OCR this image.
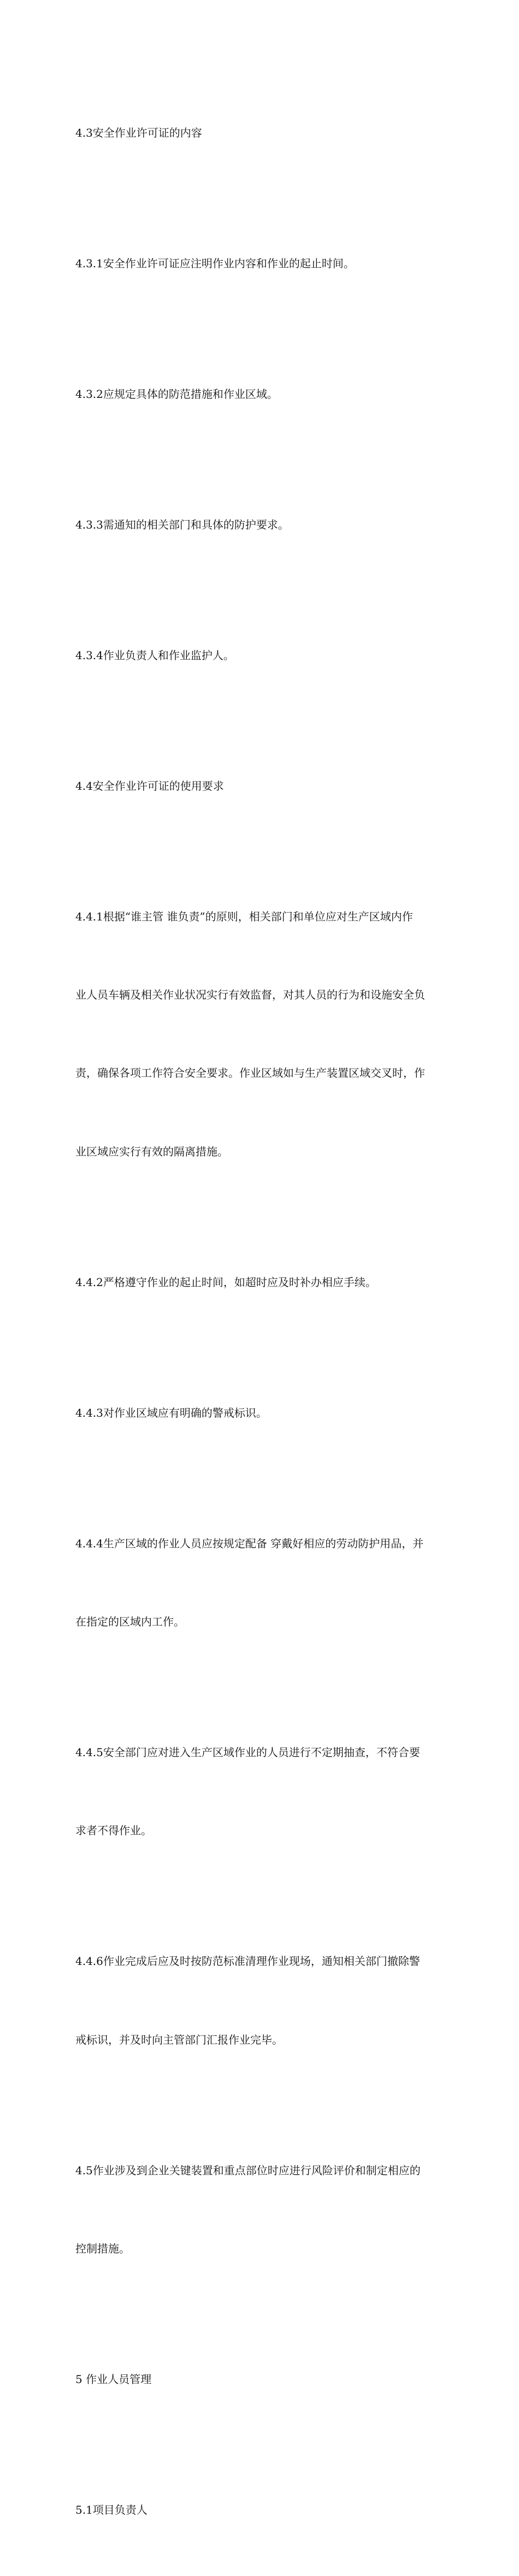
4.3安全作业许可证的内容

4.3.1安全作业许可证应注明作业内容和作业的起止时间。

4.3.2应规定具体的防范措施和作业区域。

4.3.3需通知的相关部门和具体的防护要求。

4.3.4作业负责人和作业监护人。

4.4安全作业许可证的使用要求

4.4.1根据“谁主管 谁负责”的原则，相关部门和单位应对生产区域内作

业人员车辆及相关作业状况实行有效监督，对其人员的行为和设施安全负

责，确保各项工作符合安全要求。作业区域如与生产装置区域交叉时，作

业区域应实行有效的隔离措施。

4.4.2严格遵守作业的起止时间，如超时应及时补办相应手续。

4.4.3对作业区域应有明确的警戒标识。

4.4.4生产区域的作业人员应按规定配备 穿戴好相应的劳动防护用品，并

在指定的区域内工作。

4.4.5安全部门应对进入生产区域作业的人员进行不定期抽查，不符合要

求者不得作业。

4.4.6作业完成后应及时按防范标准清理作业现场，通知相关部门撤除警

戒标识，并及时向主管部门汇报作业完毕。

4.5作业涉及到企业关键装置和重点部位时应进行风险评价和制定相应的

控制措施。

5 作业人员管理

5.1项目负责人
